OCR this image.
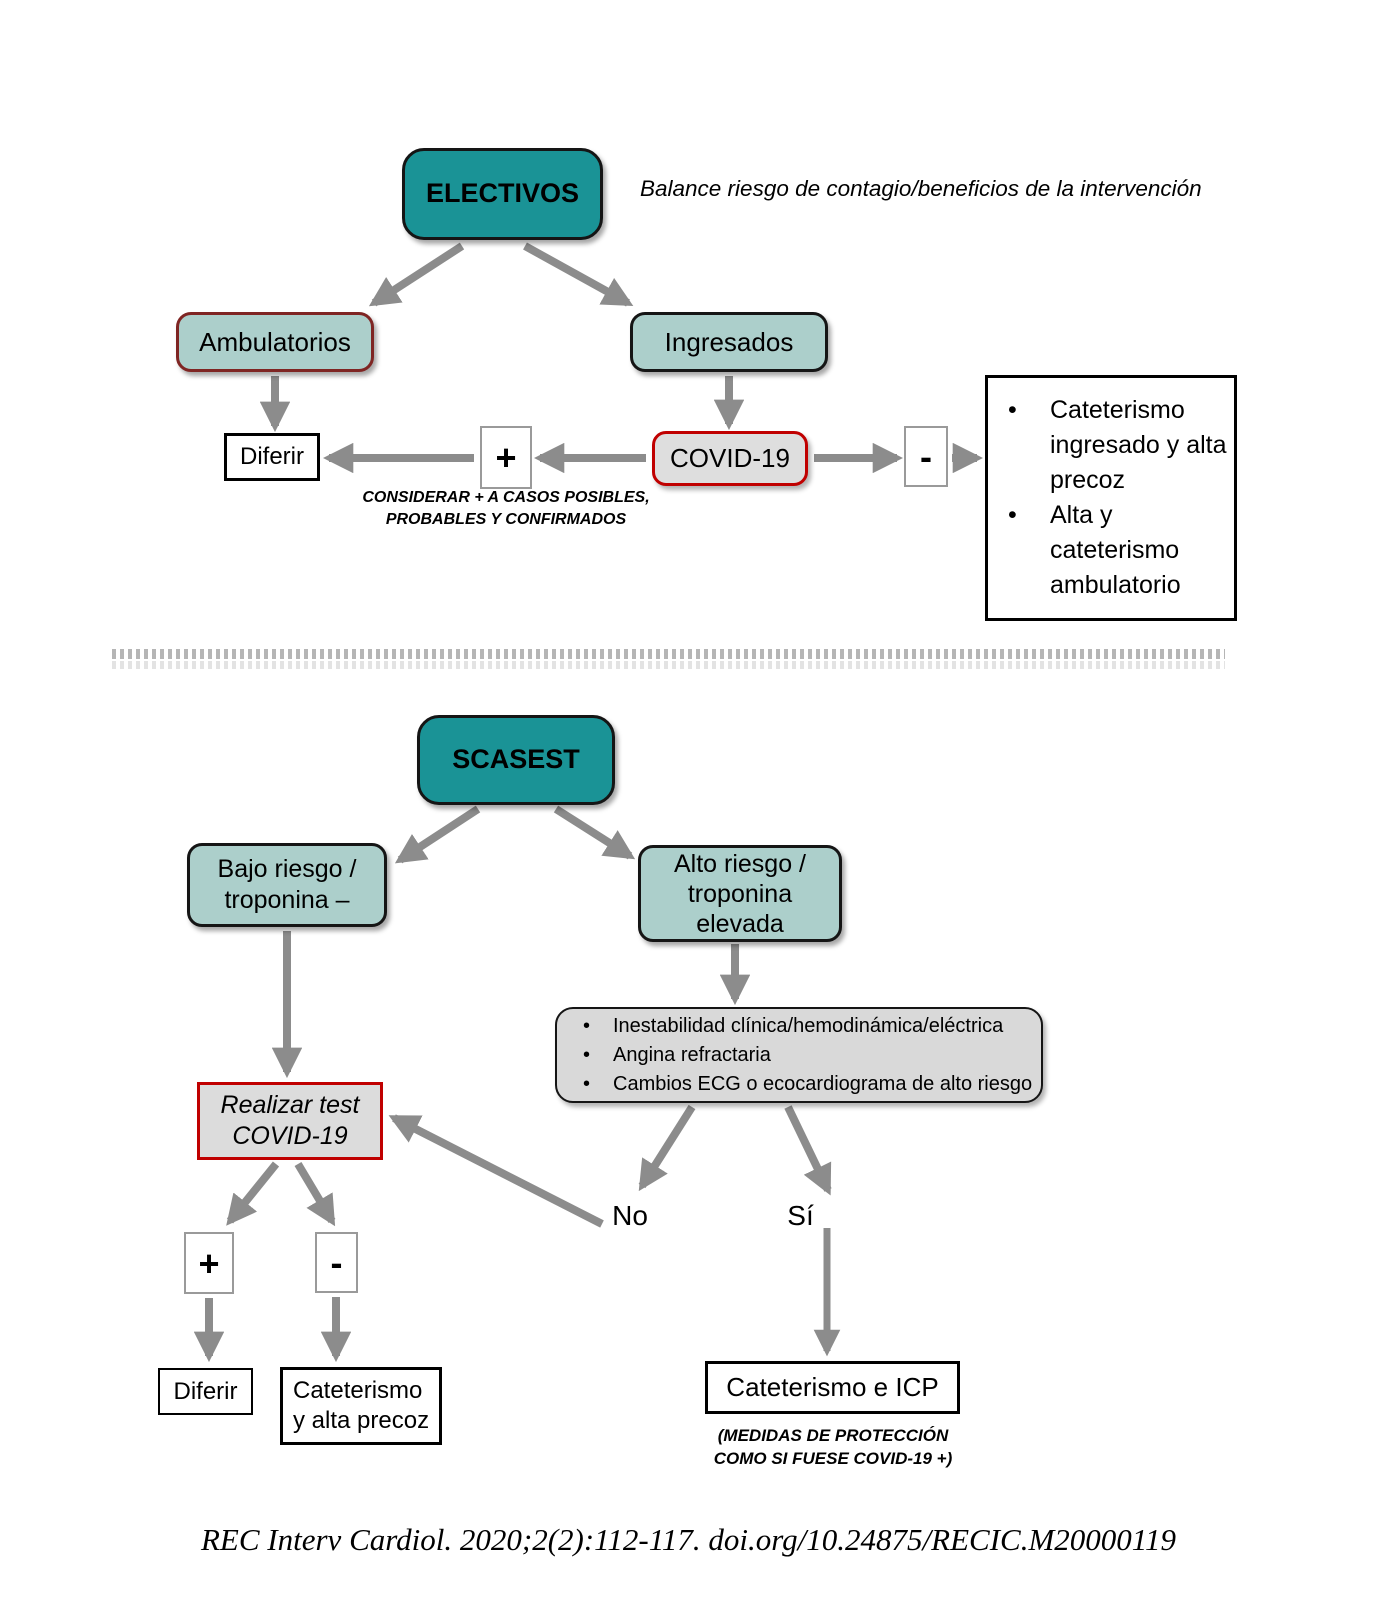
ELECTIVOS	Balance riesgo de contagio/beneficios de la intervención
Ambulatorios	Ingresados
Diferir	+	COVID-19	-
CONSIDERAR + A CASOS POSIBLES,
PROBABLES Y CONFIRMADOS
• Cateterismo ingresado y alta precoz
• Alta y cateterismo ambulatorio
SCASEST
Bajo riesgo /
troponina –
Alto riesgo /
troponina
elevada
• Inestabilidad clínica/hemodinámica/eléctrica
• Angina refractaria
• Cambios ECG o ecocardiograma de alto riesgo
Realizar test
COVID-19
+	-
Diferir Cateterismo
y alta precoz
No	Sí
Cateterismo e ICP
(MEDIDAS DE PROTECCIÓN
COMO SI FUESE COVID-19 +)
REC Interv Cardiol. 2020;2(2):112-117. doi.org/10.24875/RECIC.M20000119
